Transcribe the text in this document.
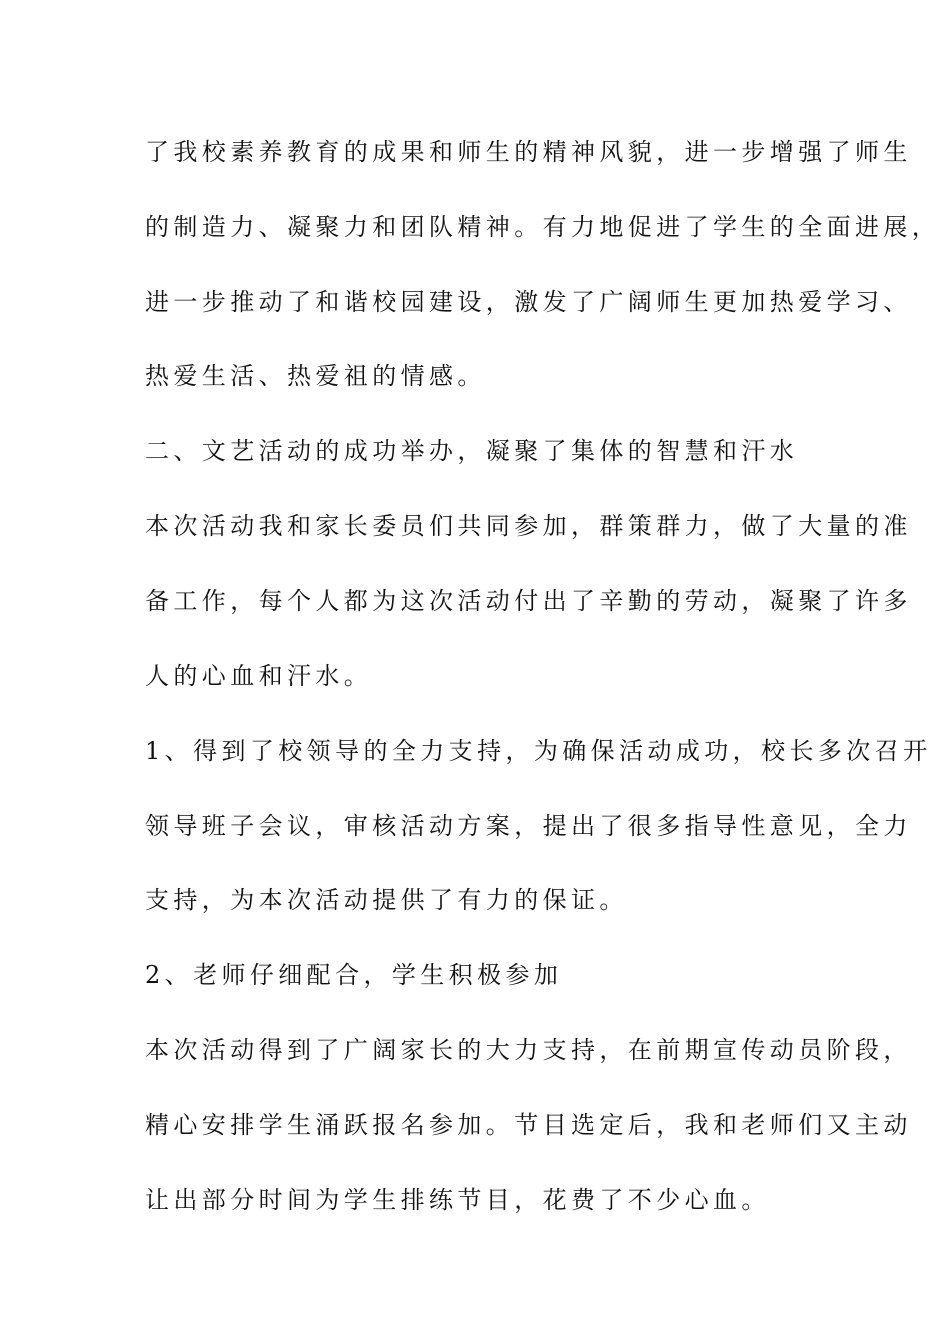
了我校素养教育的成果和师生的精神风貌，进一步增强了师生
的制造力、凝聚力和团队精神。有力地促进了学生的全面进展，
进一步推动了和谐校园建设，激发了广阔师生更加热爱学习、
热爱生活、热爱祖的情感。
二、文艺活动的成功举办，凝聚了集体的智慧和汗水
本次活动我和家长委员们共同参加，群策群力，做了大量的准
备工作，每个人都为这次活动付出了辛勤的劳动，凝聚了许多
人的心血和汗水。
1、得到了校领导的全力支持，为确保活动成功，校长多次召开
领导班子会议，审核活动方案，提出了很多指导性意见，全力
支持，为本次活动提供了有力的保证。
2、老师仔细配合，学生积极参加
本次活动得到了广阔家长的大力支持，在前期宣传动员阶段，
精心安排学生涌跃报名参加。节目选定后，我和老师们又主动
让出部分时间为学生排练节目，花费了不少心血。
